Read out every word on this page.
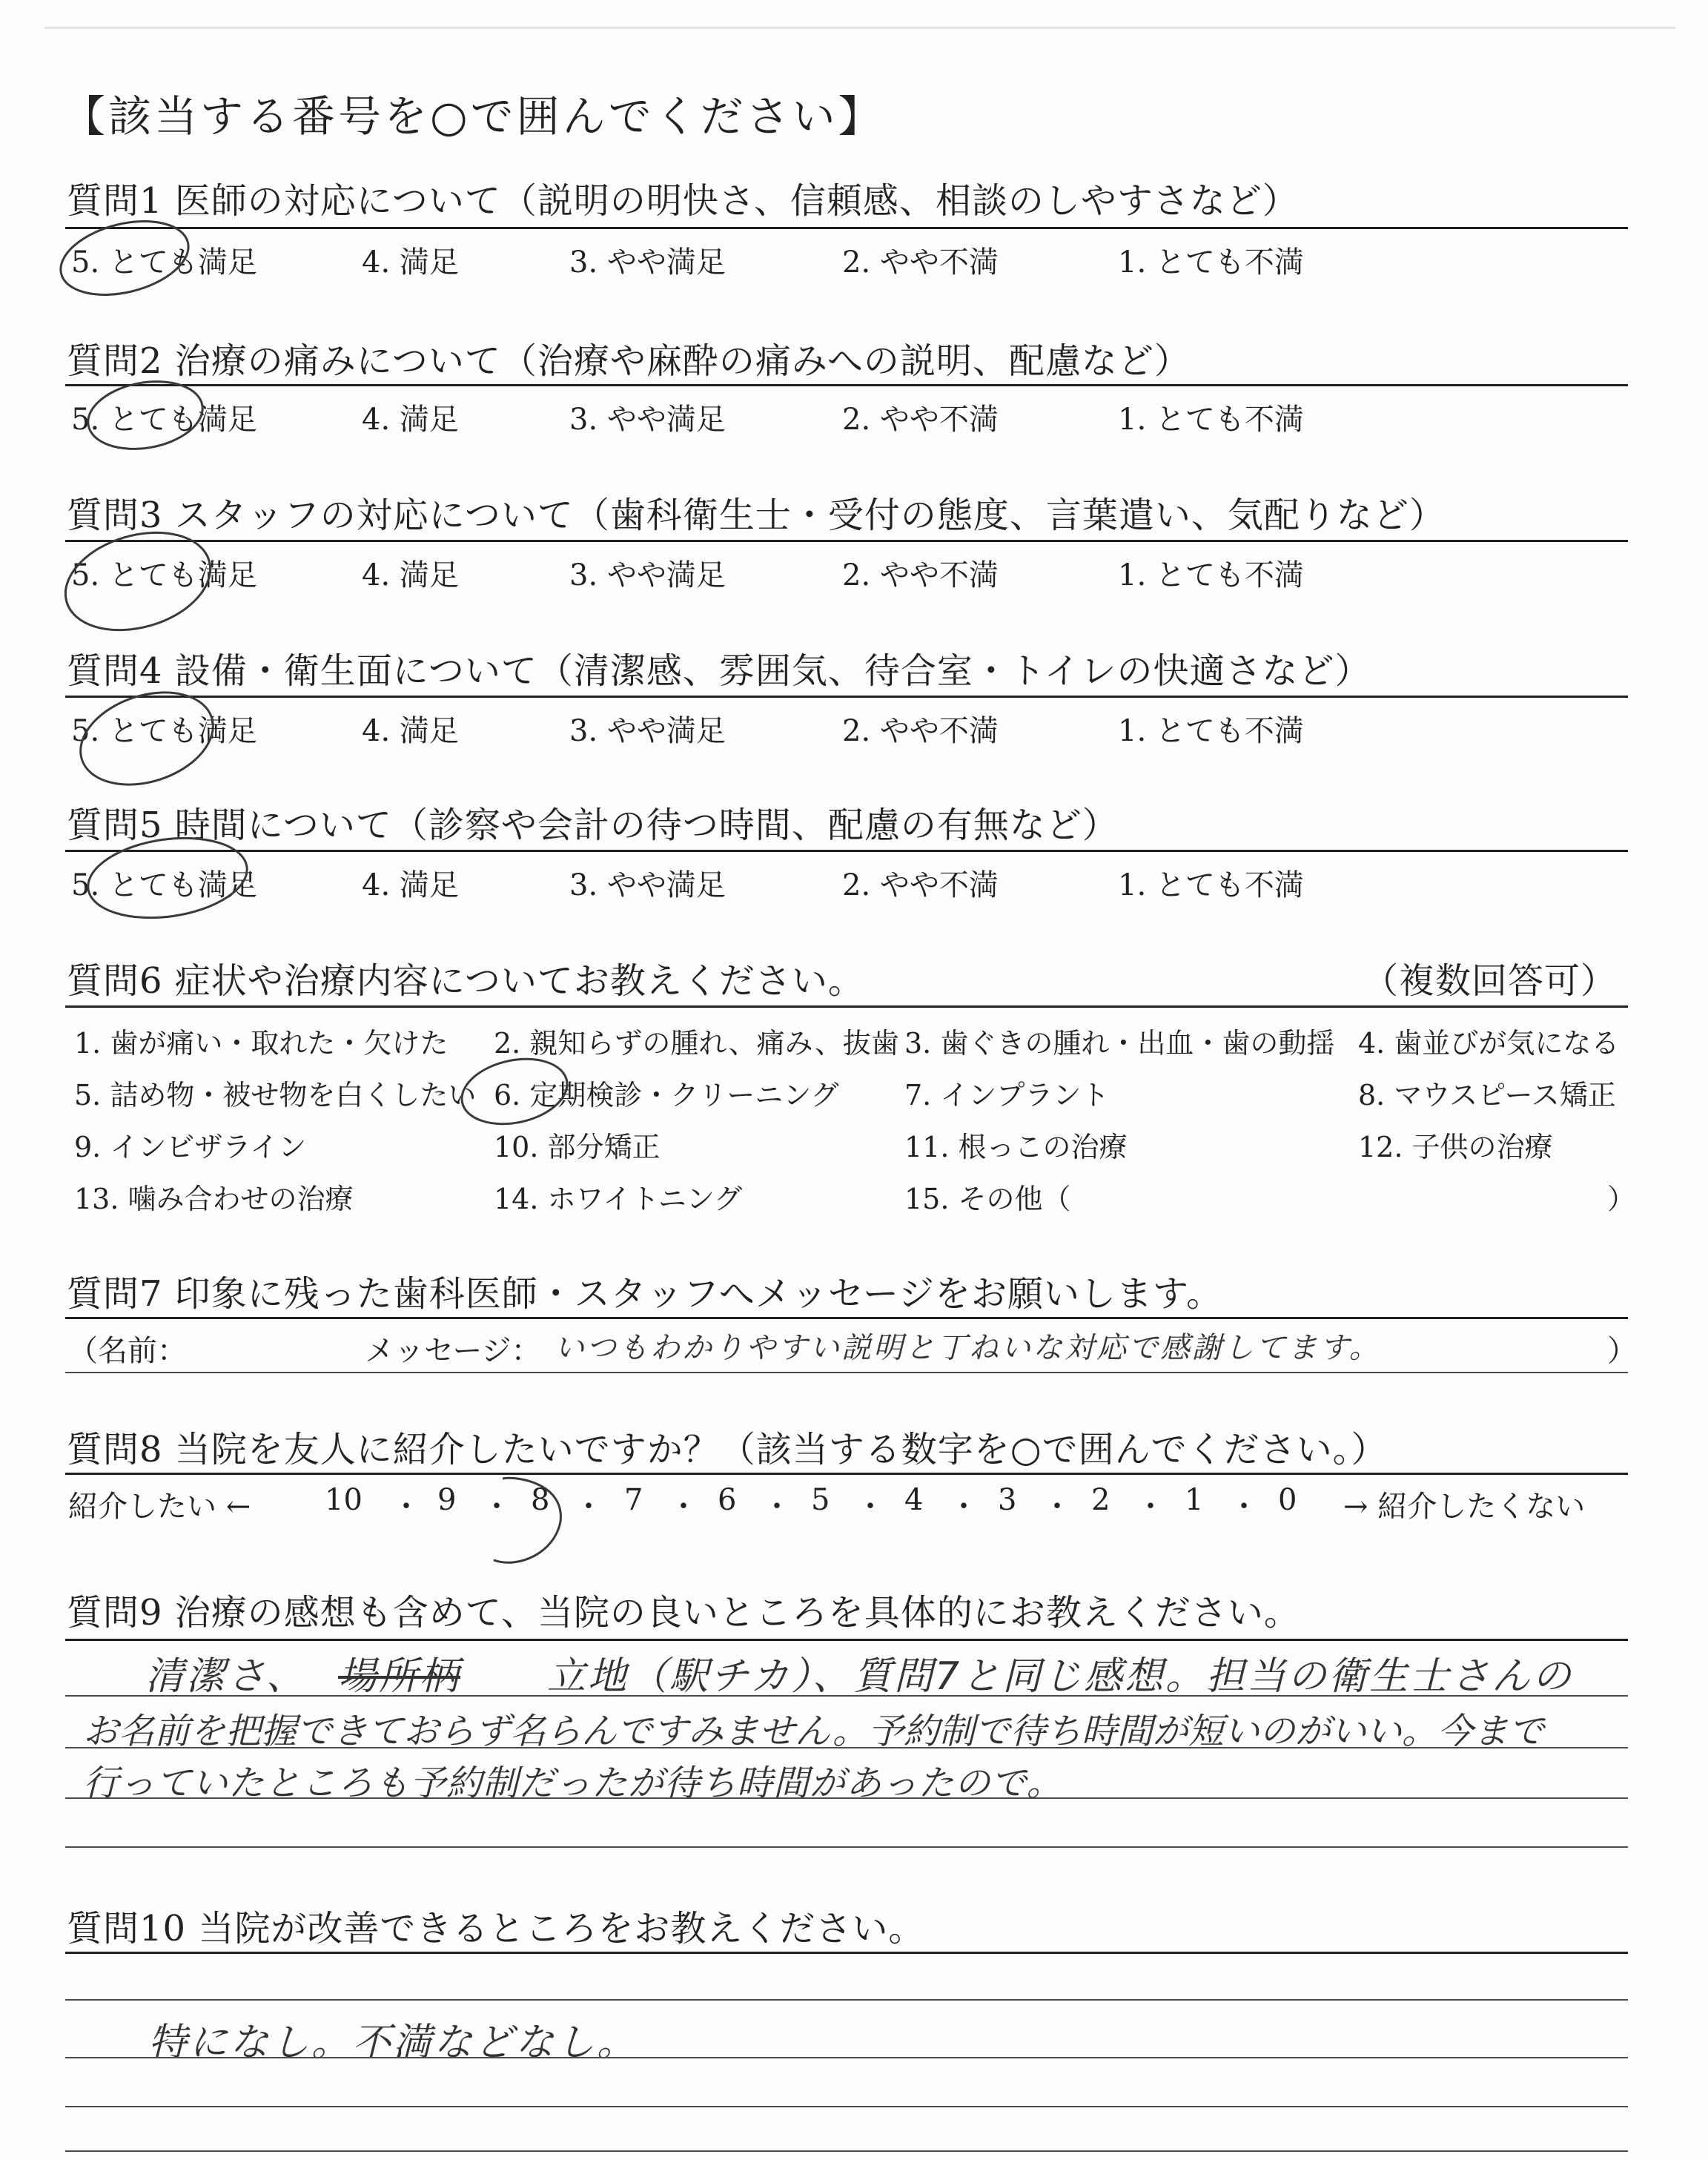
【該当する番号を○で囲んでください】
質問1 医師の対応について（説明の明快さ、信頼感、相談のしやすさなど）
5. とても満足	4. 満足	3. やや満足	2. やや不満	1. とても不満
質問2 治療の痛みについて（治療や麻酔の痛みへの説明、配慮など）
5. とても満足	4. 満足	3. やや満足	2. やや不満	1. とても不満
質問3 スタッフの対応について（歯科衛生士・受付の態度、言葉遣い、気配りなど）
5. とても満足	4. 満足	3. やや満足	2. やや不満	1. とても不満
質問4 設備・衛生面について（清潔感、雰囲気、待合室・トイレの快適さなど）
5. とても満足	4. 満足	3. やや満足	2. やや不満	1. とても不満
質問5 時間について（診察や会計の待つ時間、配慮の有無など）
5. とても満足	4. 満足	3. やや満足	2. やや不満	1. とても不満
質問6 症状や治療内容についてお教えください。	（複数回答可）
1. 歯が痛い・取れた・欠けた 2. 親知らずの腫れ、痛み、抜歯 3. 歯ぐきの腫れ・出血・歯の動揺 4. 歯並びが気になる
5. 詰め物・被せ物を白くしたい 6. 定期検診・クリーニング 7. インプラント	8. マウスピース矯正
9. インビザライン	10. 部分矯正	11. 根っこの治療	12. 子供の治療
13. 噛み合わせの治療	14. ホワイトニング	15. その他（	）
質問7 印象に残った歯科医師・スタッフへメッセージをお願いします。
（名前：	メッセージ： いつもわかりやすい説明と丁ねいな対応で感謝してます。	）
質問8 当院を友人に紹介したいですか？（該当する数字を○で囲んでください。）
紹介したい ←	→ 紹介したくない
10 ・ 9 ・ 8 ・ 7 ・ 6 ・ 5 ・ 4 ・ 3 ・ 2 ・ 1 ・ 0
質問9 治療の感想も含めて、当院の良いところを具体的にお教えください。
清潔さ、 場所柄 立地（駅チカ）、質問7と同じ感想。担当の衛生士さんの
お名前を把握できておらず名らんですみません。予約制で待ち時間が短いのがいい。今まで
行っていたところも予約制だったが待ち時間があったので。
質問10 当院が改善できるところをお教えください。
特になし。不満などなし。
